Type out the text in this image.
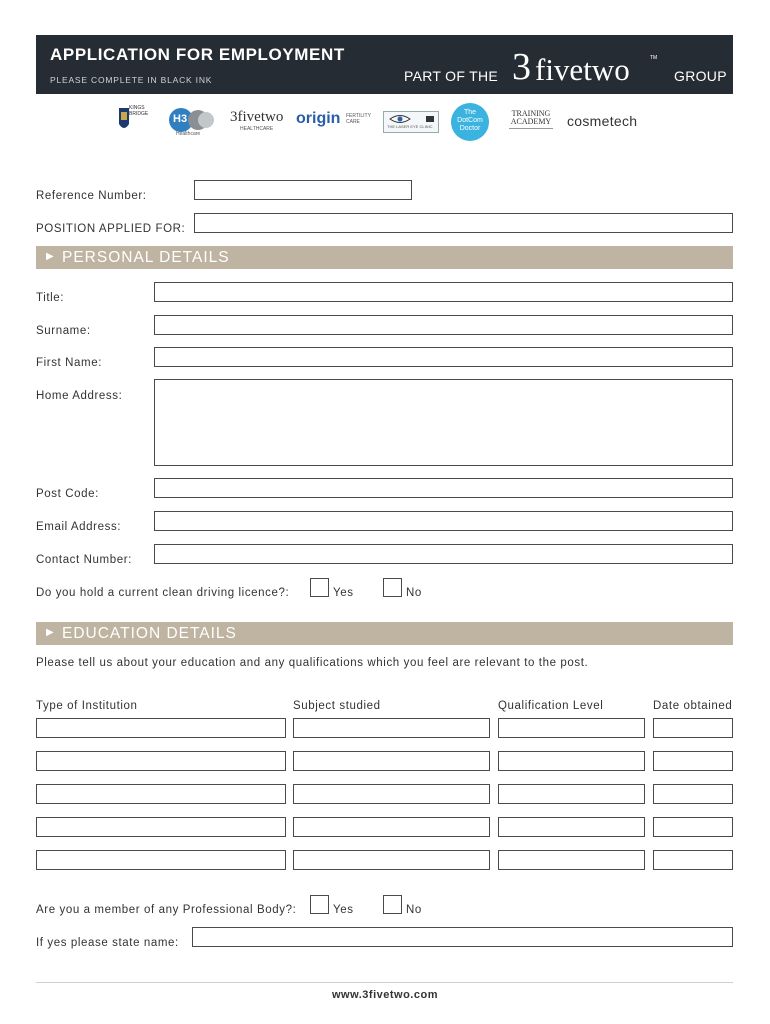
APPLICATION FOR EMPLOYMENT
PLEASE COMPLETE IN BLACK INK	PART OF THE 3 fivetwo	TM
GROUP
KINGS
BRIDGE H3
Healthcare
3fivetwo
HEALTHCARE
origin FERTILITY CARE
THE LASER EYE CLINIC
The
DotCom
Doctor
TRAINING
ACADEMY	cosmetech
Reference Number:
POSITION APPLIED FOR:
▶ PERSONAL DETAILS
Title:
Surname:
First Name:
Home Address:
Post Code:
Email Address:
Contact Number:
Do you hold a current clean driving licence?:	Yes	No
▶ EDUCATION DETAILS
Please tell us about your education and any qualifications which you feel are relevant to the post.
Type of Institution	Subject studied	Qualification Level	Date obtained
Are you a member of any Professional Body?:	Yes	No
If yes please state name:
www.3fivetwo.com
